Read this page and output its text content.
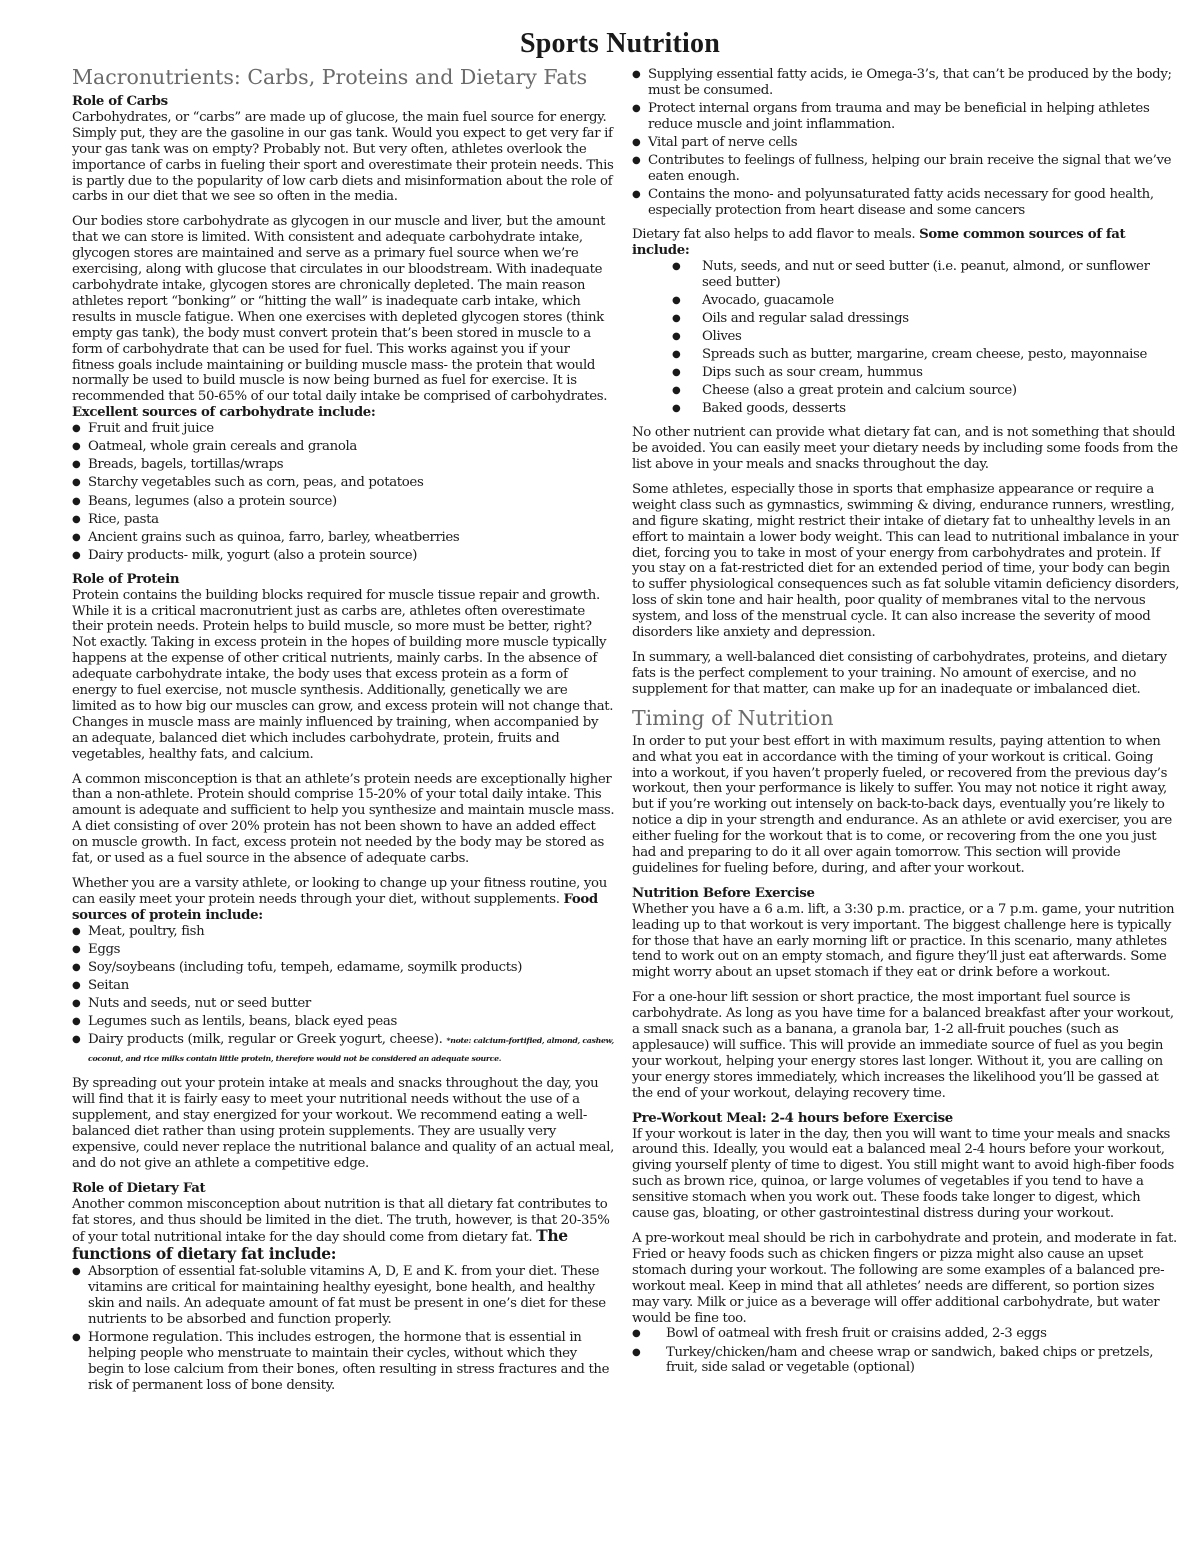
Sports Nutrition
Macronutrients: Carbs, Proteins and Dietary Fats
Role of Carbs

Carbohydrates, or “carbs” are made up of glucose, the main fuel source for energy. Simply put, they are the gasoline in our gas tank. Would you expect to get very far if your gas tank was on empty? Probably not. But very often, athletes overlook the importance of carbs in fueling their sport and overestimate their protein needs. This is partly due to the popularity of low carb diets and misinformation about the role of carbs in our diet that we see so often in the media.

Our bodies store carbohydrate as glycogen in our muscle and liver, but the amount that we can store is limited. With consistent and adequate carbohydrate intake, glycogen stores are maintained and serve as a primary fuel source when we’re exercising, along with glucose that circulates in our bloodstream. With inadequate carbohydrate intake, glycogen stores are chronically depleted. The main reason athletes report “bonking” or “hitting the wall” is inadequate carb intake, which results in muscle fatigue. When one exercises with depleted glycogen stores (think empty gas tank), the body must convert protein that’s been stored in muscle to a form of carbohydrate that can be used for fuel. This works against you if your fitness goals include maintaining or building muscle mass- the protein that would normally be used to build muscle is now being burned as fuel for exercise. It is recommended that 50-65% of our total daily intake be comprised of carbohydrates. Excellent sources of carbohydrate include:

● Fruit and fruit juice
● Oatmeal, whole grain cereals and granola
● Breads, bagels, tortillas/wraps
● Starchy vegetables such as corn, peas, and potatoes
● Beans, legumes (also a protein source)
● Rice, pasta
● Ancient grains such as quinoa, farro, barley, wheatberries
● Dairy products- milk, yogurt (also a protein source)
Role of Protein

Protein contains the building blocks required for muscle tissue repair and growth. While it is a critical macronutrient just as carbs are, athletes often overestimate their protein needs. Protein helps to build muscle, so more must be better, right? Not exactly. Taking in excess protein in the hopes of building more muscle typically happens at the expense of other critical nutrients, mainly carbs. In the absence of adequate carbohydrate intake, the body uses that excess protein as a form of energy to fuel exercise, not muscle synthesis. Additionally, genetically we are limited as to how big our muscles can grow, and excess protein will not change that. Changes in muscle mass are mainly influenced by training, when accompanied by an adequate, balanced diet which includes carbohydrate, protein, fruits and vegetables, healthy fats, and calcium.

A common misconception is that an athlete’s protein needs are exceptionally higher than a non-athlete. Protein should comprise 15-20% of your total daily intake. This amount is adequate and sufficient to help you synthesize and maintain muscle mass. A diet consisting of over 20% protein has not been shown to have an added effect on muscle growth. In fact, excess protein not needed by the body may be stored as fat, or used as a fuel source in the absence of adequate carbs.

Whether you are a varsity athlete, or looking to change up your fitness routine, you can easily meet your protein needs through your diet, without supplements. Food sources of protein include:

● Meat, poultry, fish
● Eggs
● Soy/soybeans (including tofu, tempeh, edamame, soymilk products)
● Seitan
● Nuts and seeds, nut or seed butter
● Legumes such as lentils, beans, black eyed peas
● Dairy products (milk, regular or Greek yogurt, cheese). *note: calcium-fortified, almond, cashew, coconut, and rice milks contain little protein, therefore would not be considered an adequate source.

By spreading out your protein intake at meals and snacks throughout the day, you will find that it is fairly easy to meet your nutritional needs without the use of a supplement, and stay energized for your workout. We recommend eating a well-balanced diet rather than using protein supplements. They are usually very expensive, could never replace the nutritional balance and quality of an actual meal, and do not give an athlete a competitive edge.

Role of Dietary Fat

Another common misconception about nutrition is that all dietary fat contributes to fat stores, and thus should be limited in the diet. The truth, however, is that 20-35% of your total nutritional intake for the day should come from dietary fat. The functions of dietary fat include:

● Absorption of essential fat-soluble vitamins A, D, E and K. from your diet. These vitamins are critical for maintaining healthy eyesight, bone health, and healthy skin and nails. An adequate amount of fat must be present in one’s diet for these nutrients to be absorbed and function properly.
● Hormone regulation. This includes estrogen, the hormone that is essential in helping people who menstruate to maintain their cycles, without which they begin to lose calcium from their bones, often resulting in stress fractures and the risk of permanent loss of bone density.
● Supplying essential fatty acids, ie Omega-3’s, that can’t be produced by the body; must be consumed.
● Protect internal organs from trauma and may be beneficial in helping athletes reduce muscle and joint inflammation.
● Vital part of nerve cells
● Contributes to feelings of fullness, helping our brain receive the signal that we’ve eaten enough.
● Contains the mono- and polyunsaturated fatty acids necessary for good health, especially protection from heart disease and some cancers

Dietary fat also helps to add flavor to meals. Some common sources of fat include:

● Nuts, seeds, and nut or seed butter (i.e. peanut, almond, or sunflower seed butter)
● Avocado, guacamole
● Oils and regular salad dressings
● Olives
● Spreads such as butter, margarine, cream cheese, pesto, mayonnaise
● Dips such as sour cream, hummus
● Cheese (also a great protein and calcium source)
● Baked goods, desserts

No other nutrient can provide what dietary fat can, and is not something that should be avoided. You can easily meet your dietary needs by including some foods from the list above in your meals and snacks throughout the day.

Some athletes, especially those in sports that emphasize appearance or require a weight class such as gymnastics, swimming & diving, endurance runners, wrestling, and figure skating, might restrict their intake of dietary fat to unhealthy levels in an effort to maintain a lower body weight. This can lead to nutritional imbalance in your diet, forcing you to take in most of your energy from carbohydrates and protein. If you stay on a fat-restricted diet for an extended period of time, your body can begin to suffer physiological consequences such as fat soluble vitamin deficiency disorders, loss of skin tone and hair health, poor quality of membranes vital to the nervous system, and loss of the menstrual cycle. It can also increase the severity of mood disorders like anxiety and depression.

In summary, a well-balanced diet consisting of carbohydrates, proteins, and dietary fats is the perfect complement to your training. No amount of exercise, and no supplement for that matter, can make up for an inadequate or imbalanced diet.

Timing of Nutrition

In order to put your best effort in with maximum results, paying attention to when and what you eat in accordance with the timing of your workout is critical. Going into a workout, if you haven’t properly fueled, or recovered from the previous day’s workout, then your performance is likely to suffer. You may not notice it right away, but if you’re working out intensely on back-to-back days, eventually you’re likely to notice a dip in your strength and endurance. As an athlete or avid exerciser, you are either fueling for the workout that is to come, or recovering from the one you just had and preparing to do it all over again tomorrow. This section will provide guidelines for fueling before, during, and after your workout.

Nutrition Before Exercise

Whether you have a 6 a.m. lift, a 3:30 p.m. practice, or a 7 p.m. game, your nutrition leading up to that workout is very important. The biggest challenge here is typically for those that have an early morning lift or practice. In this scenario, many athletes tend to work out on an empty stomach, and figure they’ll just eat afterwards. Some might worry about an upset stomach if they eat or drink before a workout.

For a one-hour lift session or short practice, the most important fuel source is carbohydrate. As long as you have time for a balanced breakfast after your workout, a small snack such as a banana, a granola bar, 1-2 all-fruit pouches (such as applesauce) will suffice. This will provide an immediate source of fuel as you begin your workout, helping your energy stores last longer. Without it, you are calling on your energy stores immediately, which increases the likelihood you’ll be gassed at the end of your workout, delaying recovery time.

Pre-Workout Meal: 2-4 hours before Exercise

If your workout is later in the day, then you will want to time your meals and snacks around this. Ideally, you would eat a balanced meal 2-4 hours before your workout, giving yourself plenty of time to digest. You still might want to avoid high-fiber foods such as brown rice, quinoa, or large volumes of vegetables if you tend to have a sensitive stomach when you work out. These foods take longer to digest, which cause gas, bloating, or other gastrointestinal distress during your workout.

A pre-workout meal should be rich in carbohydrate and protein, and moderate in fat. Fried or heavy foods such as chicken fingers or pizza might also cause an upset stomach during your workout. The following are some examples of a balanced pre-workout meal. Keep in mind that all athletes’ needs are different, so portion sizes may vary. Milk or juice as a beverage will offer additional carbohydrate, but water would be fine too.

● Bowl of oatmeal with fresh fruit or craisins added, 2-3 eggs
● Turkey/chicken/ham and cheese wrap or sandwich, baked chips or pretzels, fruit, side salad or vegetable (optional)
